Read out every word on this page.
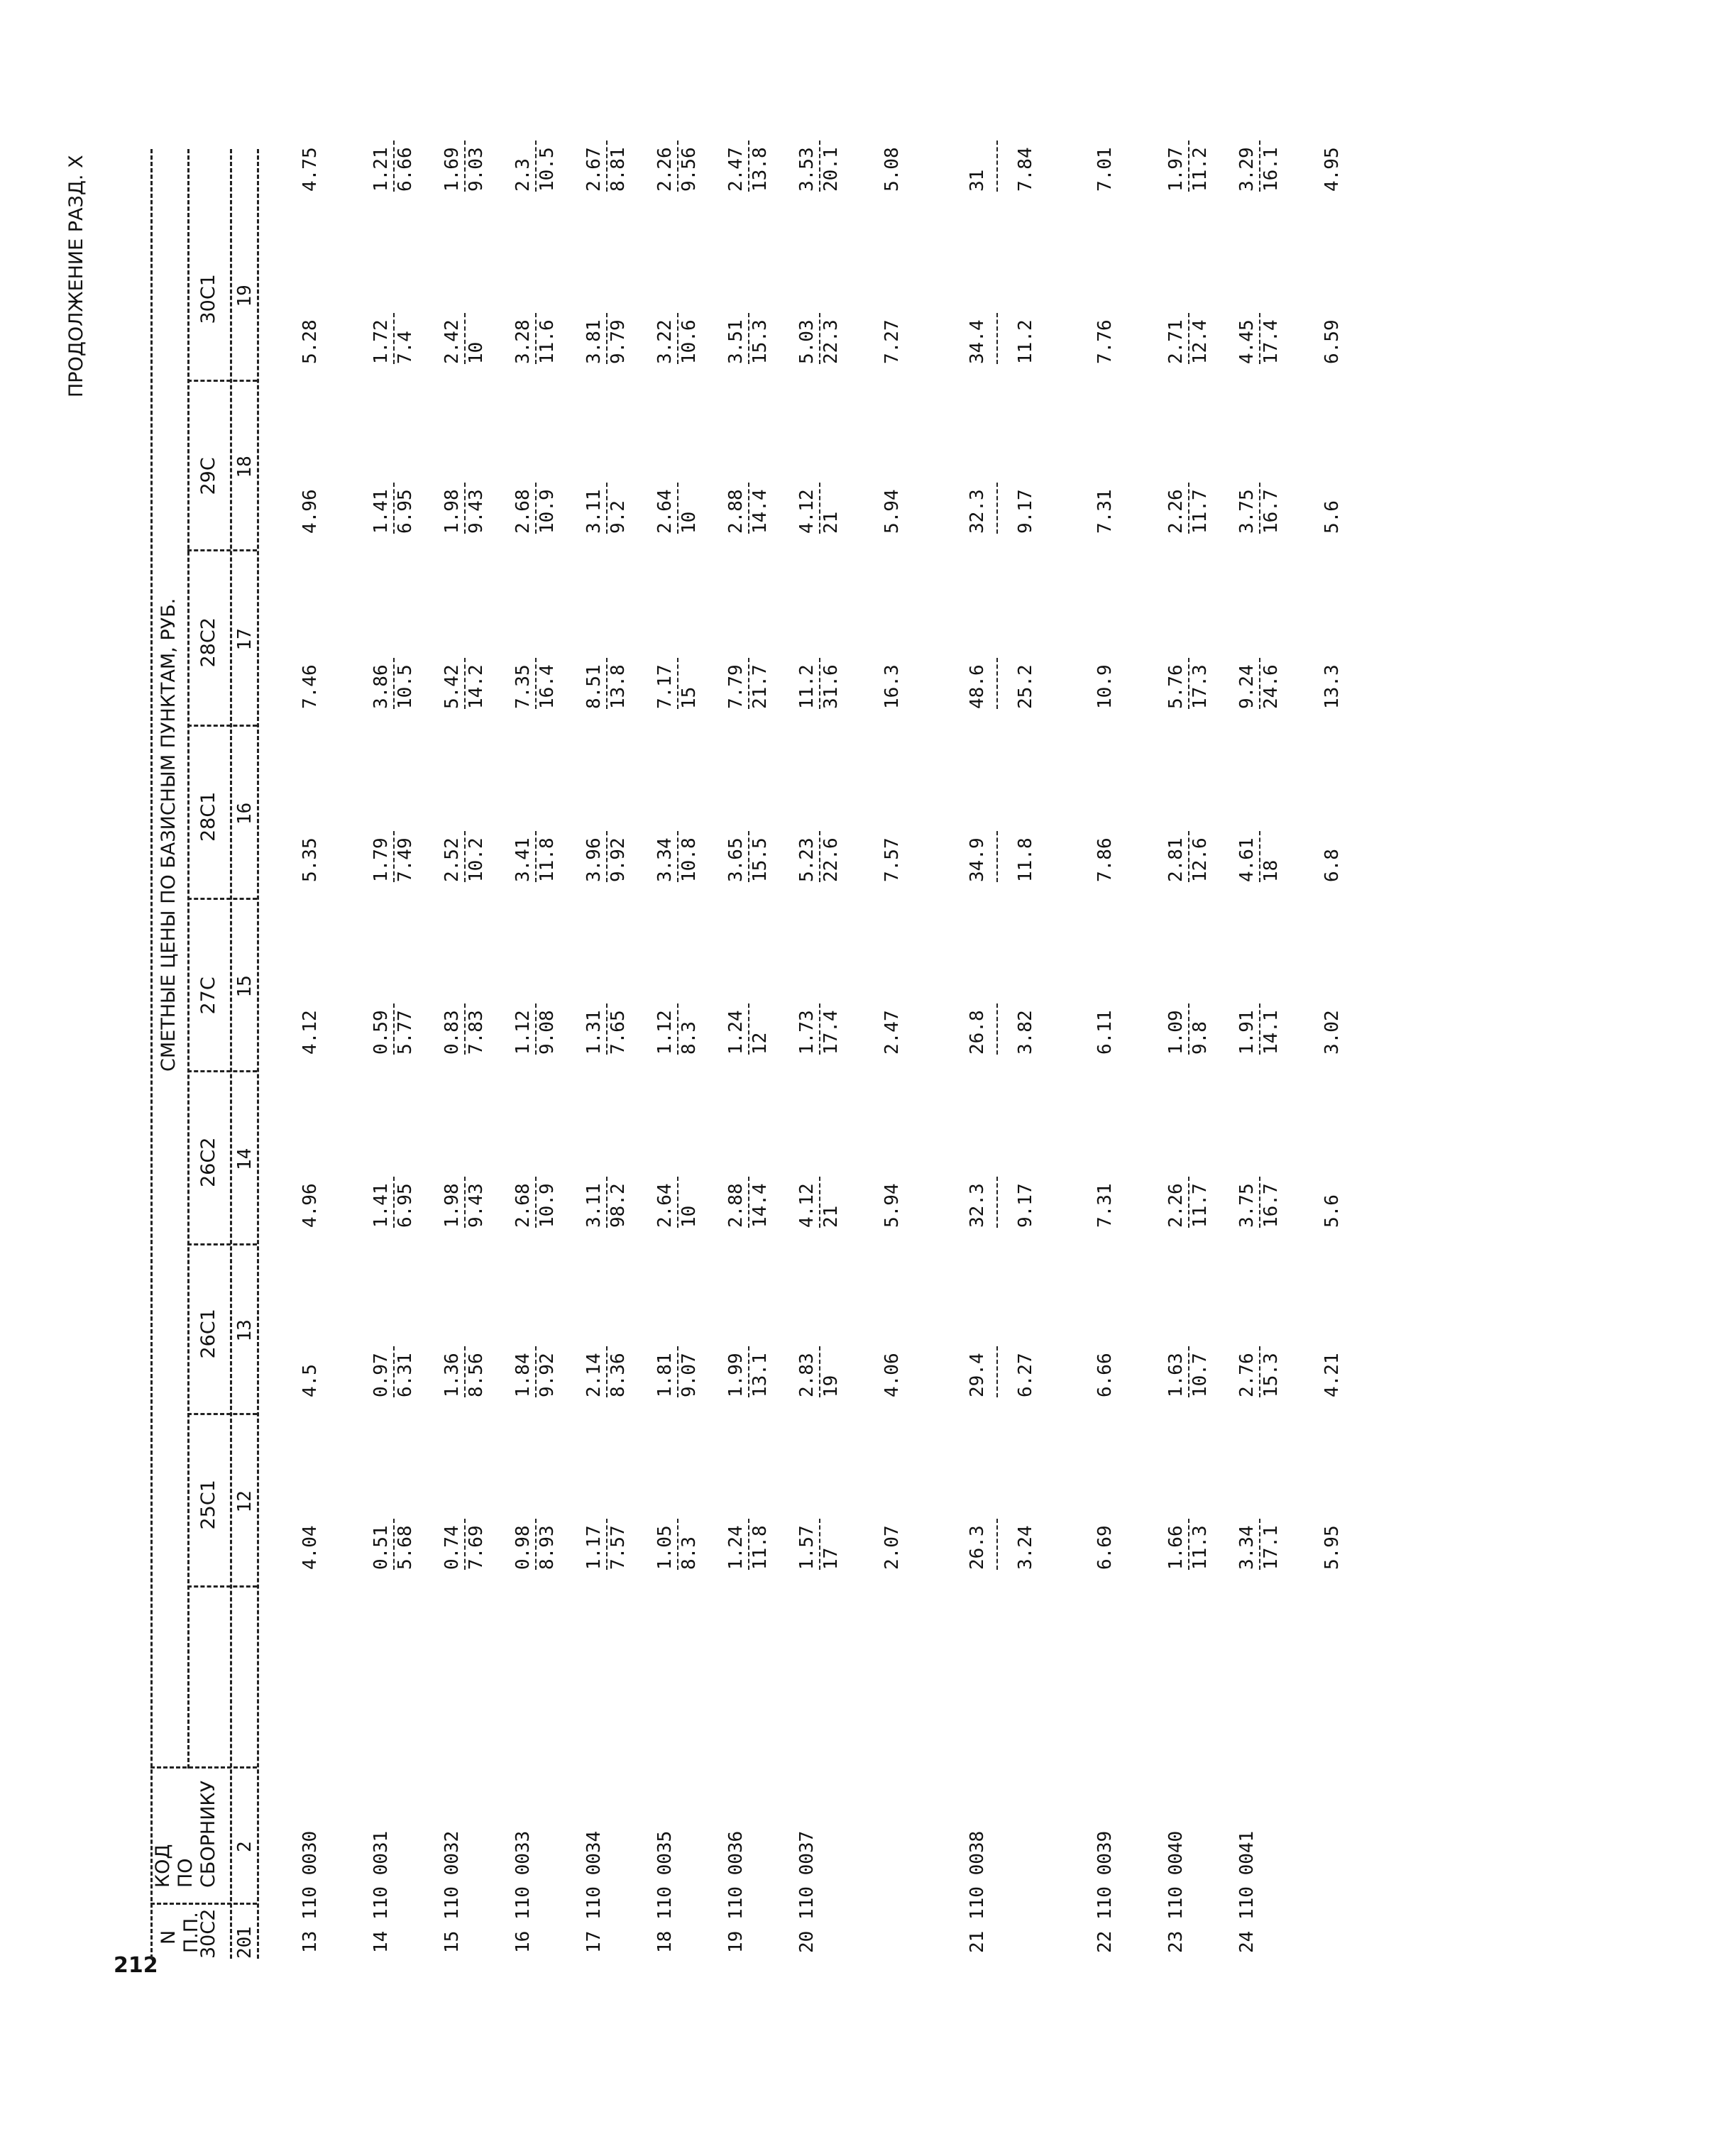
212
N П.П.
КОД ПО СБОРНИКУ
СМЕТНЫЕ ЦЕНЫ ПО БАЗИСНЫМ ПУНКТАМ, РУБ.
ПРОДОЛЖЕНИЕ РАЗД. X
25С1
26С1
26С2
27С
28С1
28С2
29С
30С1
30С2 1
2
12
13
14
15
16
17
18
19
20 13 110 0030
4.04
4.5
4.96
4.12
5.35
7.46
4.96
5.28
4.75
14 110 0031
0.51 5.68
0.97 6.31
1.41 6.95
0.59 5.77
1.79 7.49
3.86 10.5
1.41 6.95
1.72 7.4
1.21 6.66
15 110 0032
0.74 7.69
1.36 8.56
1.98 9.43
0.83 7.83
2.52 10.2
5.42 14.2
1.98 9.43
2.42 10
1.69 9.03
16 110 0033
0.98 8.93
1.84 9.92
2.68 10.9
1.12 9.08
3.41 11.8
7.35 16.4
2.68 10.9
3.28 11.6
2.3 10.5
17 110 0034
1.17 7.57
2.14 8.36
3.11 98.2
1.31 7.65
3.96 9.92
8.51 13.8
3.11 9.2
3.81 9.79
2.67 8.81
18 110 0035
1.05 8.3
1.81 9.07
2.64 10
1.12 8.3
3.34 10.8
7.17 15
2.64 10
3.22 10.6
2.26 9.56
19 110 0036
1.24 11.8
1.99 13.1
2.88 14.4
1.24 12
3.65 15.5
7.79 21.7
2.88 14.4
3.51 15.3
2.47 13.8
20 110 0037
1.57 17
2.83 19
4.12 21
1.73 17.4
5.23 22.6
11.2 31.6
4.12 21
5.03 22.3
3.53 20.1
2.07
4.06
5.94
2.47
7.57
16.3
5.94
7.27
5.08
21 110 0038
26.3 3.24
29.4 6.27
32.3 9.17
26.8 3.82
34.9 11.8
48.6 25.2
32.3 9.17
34.4 11.2
31 7.84
22 110 0039
6.69
6.66
7.31
6.11
7.86
10.9
7.31
7.76
7.01
23 110 0040
1.66 11.3
1.63 10.7
2.26 11.7
1.09 9.8
2.81 12.6
5.76 17.3
2.26 11.7
2.71 12.4
1.97 11.2
24 110 0041
3.34 17.1
2.76 15.3
3.75 16.7
1.91 14.1
4.61 18
9.24 24.6
3.75 16.7
4.45 17.4
3.29 16.1
5.95
4.21
5.6
3.02
6.8
13.3
5.6
6.59
4.95
